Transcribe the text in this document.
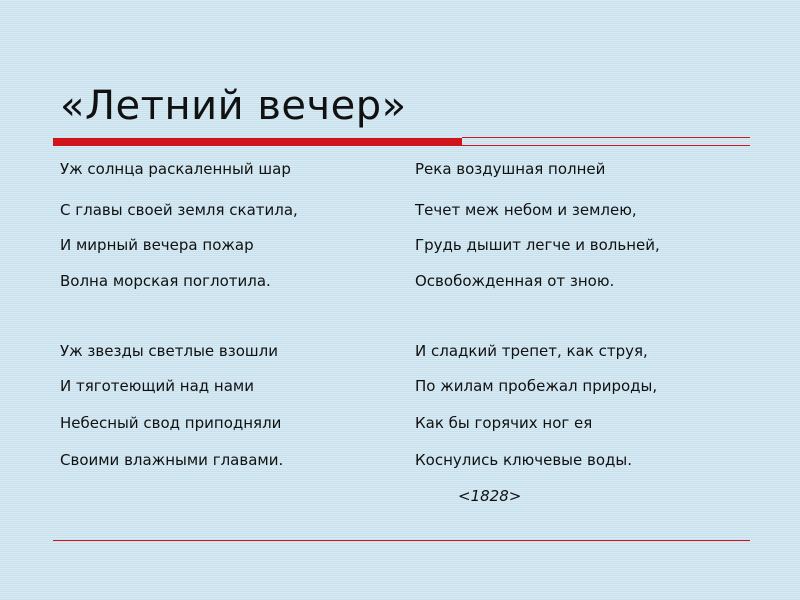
«Летний вечер»
Уж солнца раскаленный шар
С главы своей земля скатила,
И мирный вечера пожар
Волна морская поглотила.
Уж звезды светлые взошли
И тяготеющий над нами
Небесный свод приподняли
Своими влажными главами.
Река воздушная полней
Течет меж небом и землею,
Грудь дышит легче и вольней,
Освобожденная от зною.
И сладкий трепет, как струя,
По жилам пробежал природы,
Как бы горячих ног ея
Коснулись ключевые воды.
<1828>
